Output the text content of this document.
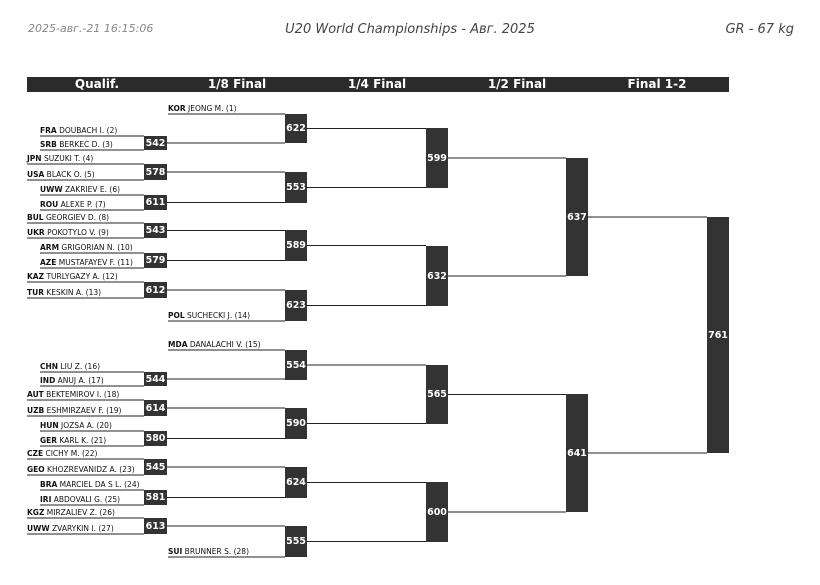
2025-авг.-21 16:15:06	U20 World Championships - Авг. 2025	GR - 67 kg
Qualif.	1/8 Final	1/4 Final	1/2 Final	Final 1-2
KOR JEONG M. (1)
FRA DOUBACH I. (2)
SRB BERKEC D. (3)
JPN SUZUKI T. (4)
USA BLACK O. (5)
UWW ZAKRIEV E. (6)
ROU ALEXE P. (7)
BUL GEORGIEV D. (8)
UKR POKOTYLO V. (9)
ARM GRIGORIAN N. (10)
AZE MUSTAFAYEV F. (11)
KAZ TURLYGAZY A. (12)
TUR KESKIN A. (13)
POL SUCHECKI J. (14)
MDA DANALACHI V. (15)
CHN LIU Z. (16)
IND ANUJ A. (17)
AUT BEKTEMIROV I. (18)
UZB ESHMIRZAEV F. (19)
HUN JOZSA A. (20)
GER KARL K. (21)
CZE CICHY M. (22)
GEO KHOZREVANIDZ A. (23)
BRA MARCIEL DA S L. (24)
IRI ABDOVALI G. (25)
KGZ MIRZALIEV Z. (26)
UWW ZVARYKIN I. (27)
SUI BRUNNER S. (28)
542
578
611
543
579
612
544
614
580
545
581
613
622
553
589
623
554
590
624
555
599
632
565
600
637
641
761
